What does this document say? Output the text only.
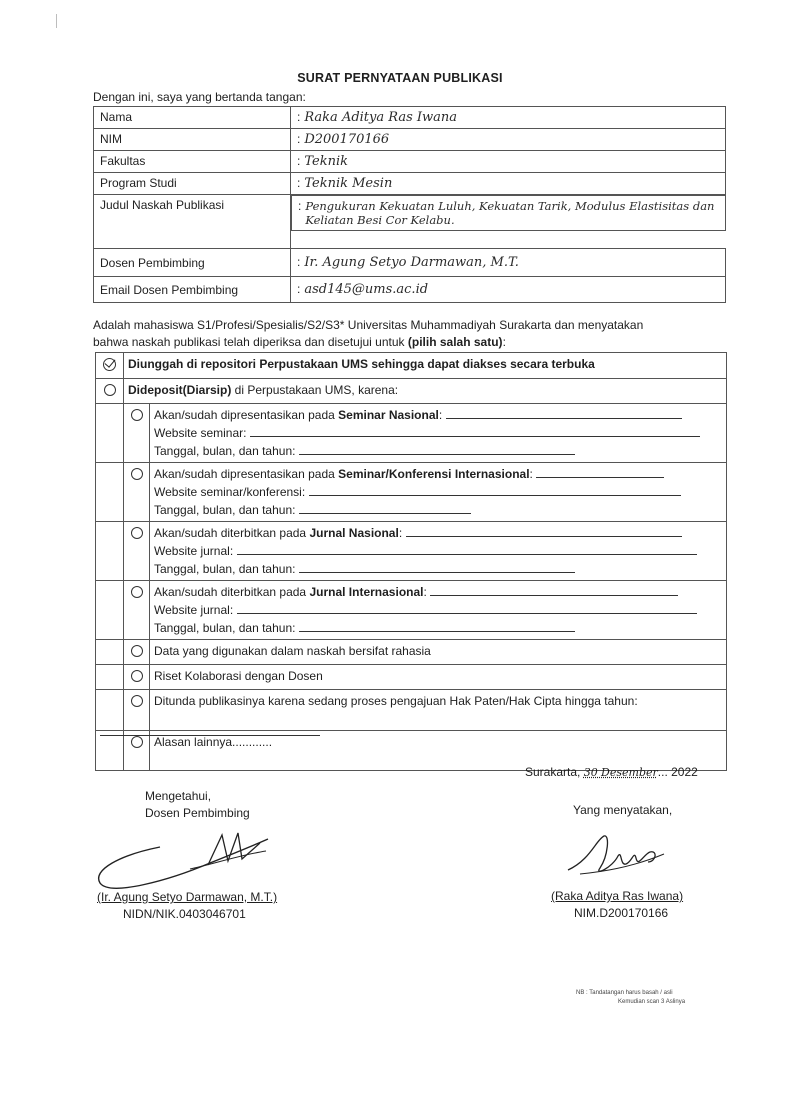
SURAT PERNYATAAN PUBLIKASI
Dengan ini, saya yang bertanda tangan:
Nama	: Raka Aditya Ras Iwana
NIM	: D200170166
Fakultas	: Teknik
Program Studi	: Teknik Mesin
Judul Naskah Publikasi		: Pengukuran Kekuatan Luluh, Kekuatan Tarik, Modulus Elastisitas dan Keliatan Besi Cor Kelabu.

Dosen Pembimbing	: Ir. Agung Setyo Darmawan, M.T.
Email Dosen Pembimbing	: asd145@ums.ac.id
Adalah mahasiswa S1/Profesi/Spesialis/S2/S3* Universitas Muhammadiyah Surakarta dan menyatakan
bahwa naskah publikasi telah diperiksa dan disetujui untuk (pilih salah satu):
	Diunggah di repositori Perpustakaan UMS sehingga dapat diakses secara terbuka	
	Dideposit(Diarsip) di Perpustakaan UMS, karena:	

		Akan/sudah dipresentasikan pada Seminar Nasional:
Website seminar:
Tanggal, bulan, dan tahun:

		Akan/sudah dipresentasikan pada Seminar/Konferensi Internasional:
Website seminar/konferensi:
Tanggal, bulan, dan tahun:

		Akan/sudah diterbitkan pada Jurnal Nasional:
Website jurnal:
Tanggal, bulan, dan tahun:

		Akan/sudah diterbitkan pada Jurnal Internasional:
Website jurnal:
Tanggal, bulan, dan tahun:

		Data yang digunakan dalam naskah bersifat rahasia
		Riset Kolaborasi dengan Dosen

		Ditunda publikasinya karena sedang proses pengajuan Hak Paten/Hak Cipta hingga tahun:

		Alasan lainnya............
Surakarta, 30 Desember... 2022
Mengetahui,
Dosen Pembimbing	Yang menyatakan,
(Ir. Agung Setyo Darmawan, M.T.)
NIDN/NIK.0403046701
(Raka Aditya Ras Iwana)
NIM.D200170166
NB : Tandatangan harus basah / asli
Kemudian scan 3 Aslinya
